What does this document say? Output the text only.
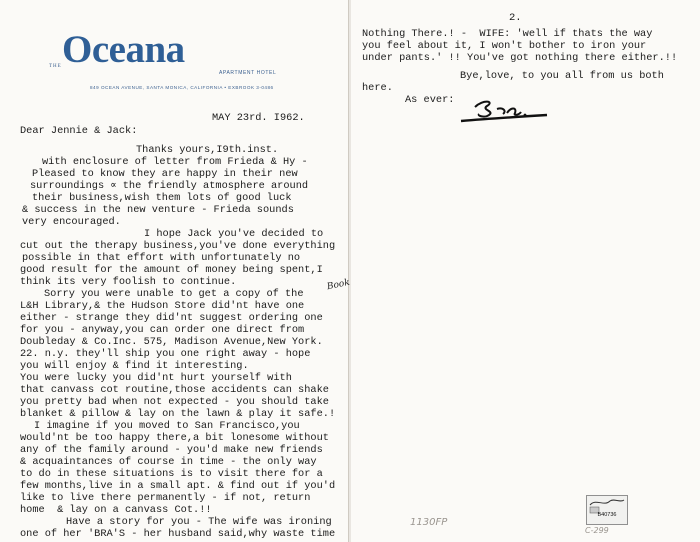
THE Oceana
APARTMENT HOTEL
849 OCEAN AVENUE, SANTA MONICA, CALIFORNIA • EXBROOK 3-0486
MAY 23rd. I962.
Dear Jennie & Jack:
Thanks yours,I9th.inst.
with enclosure of letter from Frieda & Hy -
Pleased to know they are happy in their new
surroundings ∝ the friendly atmosphere around
their business,wish them lots of good luck
& success in the new venture - Frieda sounds
very encouraged.
I hope Jack you've decided to
cut out the therapy business,you've done everything
possible in that effort with unfortunately no
good result for the amount of money being spent,I
think its very foolish to continue.
Sorry you were unable to get a copy of the
Book
L&H Library,& the Hudson Store did'nt have one
either - strange they did'nt suggest ordering one
for you - anyway,you can order one direct from
Doubleday & Co.Inc. 575, Madison Avenue,New York.
22. n.y. they'll ship you one right away - hope
you will enjoy & find it interesting.
You were lucky you did'nt hurt yourself with
that canvass cot routine,those accidents can shake
you pretty bad when not expected - you should take
blanket & pillow & lay on the lawn & play it safe.!
I imagine if you moved to San Francisco,you
would'nt be too happy there,a bit lonesome without
any of the family around - you'd make new friends
& acquaintances of course in time - the only way
to do in these situations is to visit there for a
few months,live in a small apt. & find out if you'd
like to live there permanently - if not, return
home  & lay on a canvass Cot.!!
Have a story for you - The wife was ironing
one of her 'BRA'S - her husband said,why waste time
2.
Nothing There.! -  WIFE: 'well if thats the way
you feel about it, I won't bother to iron your
under pants.' !! You've got nothing there either.!!
Bye,love, to you all from us both
here.
As ever:
1130FP
C-299
B40736
